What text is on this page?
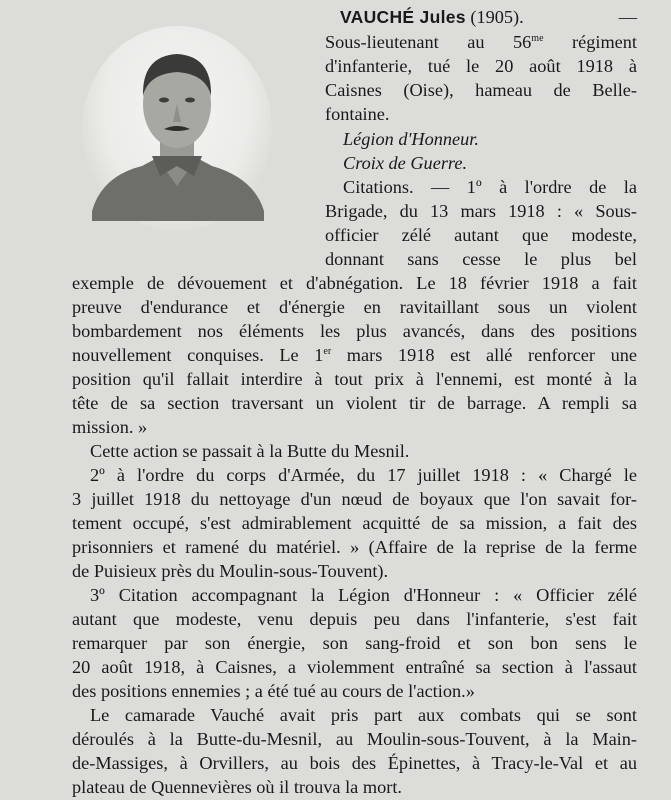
VAUCHÉ Jules (1905).	—
Sous-lieutenant au $56^{me}$ régiment
d'infanterie, tué le 20 août 1918 à
Caisnes (Oise), hameau de Belle-
fontaine.
Légion d'Honneur.
Croix de Guerre.
Citations. — 1º à l'ordre de la
Brigade, du 13 mars 1918 : « Sous-
officier zélé autant que modeste,
donnant sans cesse le plus bel
exemple de dévouement et d'abnégation. Le 18 février 1918 a fait
preuve d'endurance et d'énergie en ravitaillant sous un violent
bombardement nos éléments les plus avancés, dans des positions
nouvellement conquises. Le 1er mars 1918 est allé renforcer une
position qu'il fallait interdire à tout prix à l'ennemi, est monté à la
tête de sa section traversant un violent tir de barrage. A rempli sa
mission. »
Cette action se passait à la Butte du Mesnil.
2º à l'ordre du corps d'Armée, du 17 juillet 1918 : « Chargé le
3 juillet 1918 du nettoyage d'un nœud de boyaux que l'on savait for-
tement occupé, s'est admirablement acquitté de sa mission, a fait des
prisonniers et ramené du matériel. » (Affaire de la reprise de la ferme
de Puisieux près du Moulin-sous-Touvent).
3º Citation accompagnant la Légion d'Honneur : « Officier zélé
autant que modeste, venu depuis peu dans l'infanterie, s'est fait
remarquer par son énergie, son sang-froid et son bon sens le
20 août 1918, à Caisnes, a violemment entraîné sa section à l'assaut
des positions ennemies ; a été tué au cours de l'action.»
Le camarade Vauché avait pris part aux combats qui se sont
déroulés à la Butte-du-Mesnil, au Moulin-sous-Touvent, à la Main-
de-Massiges, à Orvillers, au bois des Épinettes, à Tracy-le-Val et au
plateau de Quennevières où il trouva la mort.
